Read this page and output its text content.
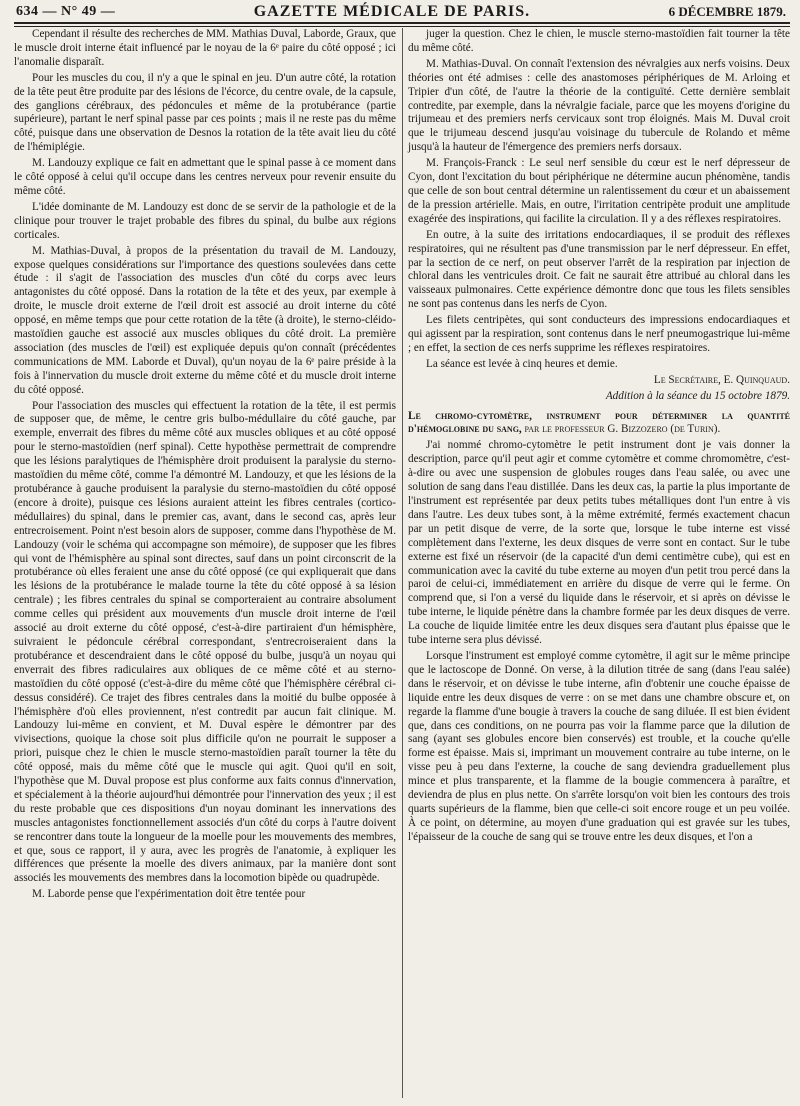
634 — N° 49 —	GAZETTE MÉDICALE DE PARIS.	6 DÉCEMBRE 1879.

Cependant il résulte des recherches de MM. Mathias Duval, Laborde, Graux, que le muscle droit interne était influencé par le noyau de la 6ᵉ paire du côté opposé ; ici l'anomalie disparaît.

Pour les muscles du cou, il n'y a que le spinal en jeu. D'un autre côté, la rotation de la tête peut être produite par des lésions de l'écorce, du centre ovale, de la capsule, des ganglions cérébraux, des pédoncules et même de la protubérance (partie supérieure), partant le nerf spinal passe par ces points ; mais il ne reste pas du même côté, puisque dans une observation de Desnos la rotation de la tête avait lieu du côté de l'hémiplégie.

M. Landouzy explique ce fait en admettant que le spinal passe à ce moment dans le côté opposé à celui qu'il occupe dans les centres nerveux pour revenir ensuite du même côté.

L'idée dominante de M. Landouzy est donc de se servir de la pathologie et de la clinique pour trouver le trajet probable des fibres du spinal, du bulbe aux régions corticales.

M. Mathias-Duval, à propos de la présentation du travail de M. Landouzy, expose quelques considérations sur l'importance des questions soulevées dans cette étude : il s'agit de l'association des muscles d'un côté du corps avec leurs antagonistes du côté opposé. Dans la rotation de la tête et des yeux, par exemple à droite, le muscle droit externe de l'œil droit est associé au droit interne du côté opposé, en même temps que pour cette rotation de la tête (à droite), le sterno-cléido-mastoïdien gauche est associé aux muscles obliques du côté droit. La première association (des muscles de l'œil) est expliquée depuis qu'on connaît (précédentes communications de MM. Laborde et Duval), qu'un noyau de la 6ᵉ paire préside à la fois à l'innervation du muscle droit externe du même côté et du muscle droit interne du côté opposé.

Pour l'association des muscles qui effectuent la rotation de la tête, il est permis de supposer que, de même, le centre gris bulbo-médullaire du côté gauche, par exemple, enverrait des fibres du même côté aux muscles obliques et au côté opposé pour le sterno-mastoïdien (nerf spinal). Cette hypothèse permettrait de comprendre que les lésions paralytiques de l'hémisphère droit produisent la paralysie du sterno-mastoïdien du même côté, comme l'a démontré M. Landouzy, et que les lésions de la protubérance à gauche produisent la paralysie du sterno-mastoïdien du côté opposé (encore à droite), puisque ces lésions auraient atteint les fibres centrales (cortico-médullaires) du spinal, dans le premier cas, avant, dans le second cas, après leur entrecroisement. Point n'est besoin alors de supposer, comme dans l'hypothèse de M. Landouzy (voir le schéma qui accompagne son mémoire), de supposer que les fibres qui vont de l'hémisphère au spinal sont directes, sauf dans un point circonscrit de la protubérance où elles feraient une anse du côté opposé (ce qui expliquerait que dans les lésions de la protubérance le malade tourne la tête du côté opposé à sa lésion centrale) ; les fibres centrales du spinal se comporteraient au contraire absolument comme celles qui président aux mouvements d'un muscle droit interne de l'œil associé au droit externe du côté opposé, c'est-à-dire partiraient d'un hémisphère, suivraient le pédoncule cérébral correspondant, s'entrecroiseraient dans la protubérance et descendraient dans le côté opposé du bulbe, jusqu'à un noyau qui enverrait des fibres radiculaires aux obliques de ce même côté et au sterno-mastoïdien du côté opposé (c'est-à-dire du même côté que l'hémisphère cérébral ci-dessus considéré). Ce trajet des fibres centrales dans la moitié du bulbe opposée à l'hémisphère d'où elles proviennent, n'est contredit par aucun fait clinique. M. Landouzy lui-même en convient, et M. Duval espère le démontrer par des vivisections, quoique la chose soit plus difficile qu'on ne pourrait le supposer a priori, puisque chez le chien le muscle sterno-mastoïdien paraît tourner la tête du côté opposé, mais du même côté que le muscle qui agit. Quoi qu'il en soit, l'hypothèse que M. Duval propose est plus conforme aux faits connus d'innervation, et spécialement à la théorie aujourd'hui démontrée pour l'innervation des yeux ; il est du reste probable que ces dispositions d'un noyau dominant les innervations des muscles antagonistes fonctionnellement associés d'un côté du corps à l'autre doivent se rencontrer dans toute la longueur de la moelle pour les mouvements des membres, et que, sous ce rapport, il y aura, avec les progrès de l'anatomie, à expliquer les différences que présente la moelle des divers animaux, par la manière dont sont associés les mouvements des membres dans la locomotion bipède ou quadrupède.

M. Laborde pense que l'expérimentation doit être tentée pour

juger la question. Chez le chien, le muscle sterno-mastoïdien fait tourner la tête du même côté.

M. Mathias-Duval. On connaît l'extension des névralgies aux nerfs voisins. Deux théories ont été admises : celle des anastomoses périphériques de M. Arloing et Tripier d'un côté, de l'autre la théorie de la contiguïté. Cette dernière semblait contredite, par exemple, dans la névralgie faciale, parce que les moyens d'origine du trijumeau et des premiers nerfs cervicaux sont trop éloignés. Mais M. Duval croit que le trijumeau descend jusqu'au voisinage du tubercule de Rolando et même jusqu'à la hauteur de l'émergence des premiers nerfs dorsaux.

M. François-Franck : Le seul nerf sensible du cœur est le nerf dépresseur de Cyon, dont l'excitation du bout périphérique ne détermine aucun phénomène, tandis que celle de son bout central détermine un ralentissement du cœur et un abaissement de la pression artérielle. Mais, en outre, l'irritation centripète produit une amplitude exagérée des inspirations, qui facilite la circulation. Il y a des réflexes respiratoires.

En outre, à la suite des irritations endocardiaques, il se produit des réflexes respiratoires, qui ne résultent pas d'une transmission par le nerf dépresseur. En effet, par la section de ce nerf, on peut observer l'arrêt de la respiration par injection de chloral dans les ventricules droit. Ce fait ne saurait être attribué au chloral dans les vaisseaux pulmonaires. Cette expérience démontre donc que tous les filets sensibles ne sont pas contenus dans les nerfs de Cyon.

Les filets centripètes, qui sont conducteurs des impressions endocardiaques et qui agissent par la respiration, sont contenus dans le nerf pneumogastrique lui-même ; en effet, la section de ces nerfs supprime les réflexes respiratoires.

La séance est levée à cinq heures et demie.

Le Secrétaire, E. Quinquaud.
Addition à la séance du 15 octobre 1879.

Le chromo-cytomètre, instrument pour déterminer la quantité d'hémoglobine du sang, par le professeur G. Bizzozero (de Turin).

J'ai nommé chromo-cytomètre le petit instrument dont je vais donner la description, parce qu'il peut agir et comme cytomètre et comme chromomètre, c'est-à-dire ou avec une suspension de globules rouges dans l'eau salée, ou avec une solution de sang dans l'eau distillée. Dans les deux cas, la partie la plus importante de l'instrument est représentée par deux petits tubes métalliques dont l'un entre à vis dans l'autre. Les deux tubes sont, à la même extrémité, fermés exactement chacun par un petit disque de verre, de la sorte que, lorsque le tube interne est vissé complètement dans l'externe, les deux disques de verre sont en contact. Sur le tube externe est fixé un réservoir (de la capacité d'un demi centimètre cube), qui est en communication avec la cavité du tube externe au moyen d'un petit trou percé dans la paroi de celui-ci, immédiatement en arrière du disque de verre qui le ferme. On comprend que, si l'on a versé du liquide dans le réservoir, et si après on dévisse le tube interne, le liquide pénètre dans la chambre formée par les deux disques de verre. La couche de liquide limitée entre les deux disques sera d'autant plus épaisse que le tube interne sera plus dévissé.

Lorsque l'instrument est employé comme cytomètre, il agit sur le même principe que le lactoscope de Donné. On verse, à la dilution titrée de sang (dans l'eau salée) dans le réservoir, et on dévisse le tube interne, afin d'obtenir une couche épaisse de liquide entre les deux disques de verre : on se met dans une chambre obscure et, on regarde la flamme d'une bougie à travers la couche de sang diluée. Il est bien évident que, dans ces conditions, on ne pourra pas voir la flamme parce que la dilution de sang (ayant ses globules encore bien conservés) est trouble, et la couche qu'elle forme est épaisse. Mais si, imprimant un mouvement contraire au tube interne, on le visse peu à peu dans l'externe, la couche de sang deviendra graduellement plus mince et plus transparente, et la flamme de la bougie commencera à paraître, et deviendra de plus en plus nette. On s'arrête lorsqu'on voit bien les contours des trois quarts supérieurs de la flamme, bien que celle-ci soit encore rouge et un peu voilée. À ce point, on détermine, au moyen d'une graduation qui est gravée sur les tubes, l'épaisseur de la couche de sang qui se trouve entre les deux disques, et l'on a
